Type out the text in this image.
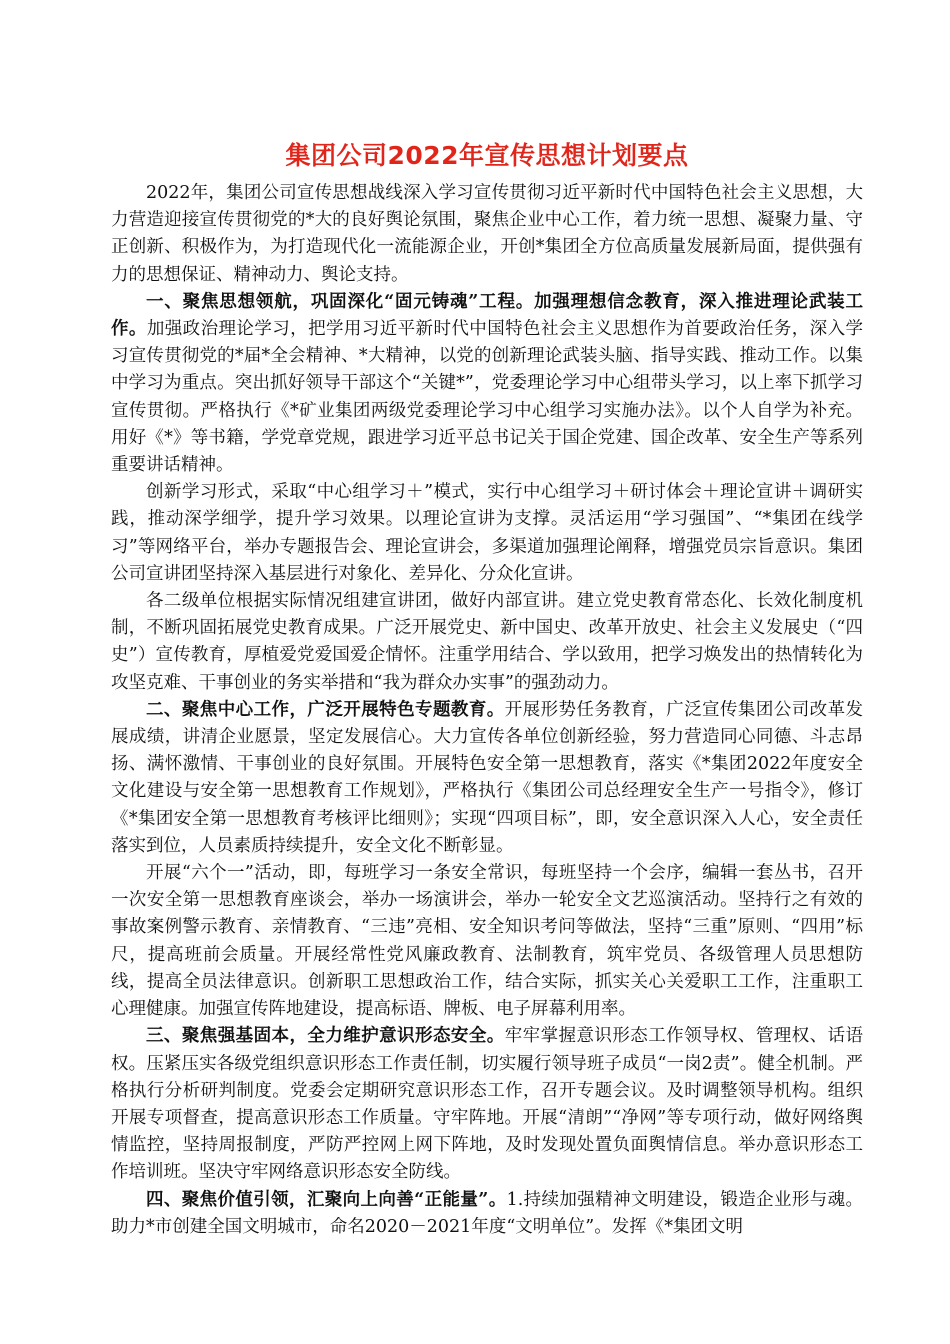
集团公司2022年宣传思想计划要点

2022年，集团公司宣传思想战线深入学习宣传贯彻习近平新时代中国特色社会主义思想，大力营造迎接宣传贯彻党的*大的良好舆论氛围，聚焦企业中心工作，着力统一思想、凝聚力量、守正创新、积极作为，为打造现代化一流能源企业，开创*集团全方位高质量发展新局面，提供强有力的思想保证、精神动力、舆论支持。

一、聚焦思想领航，巩固深化“固元铸魂”工程。加强理想信念教育，深入推进理论武装工作。加强政治理论学习，把学用习近平新时代中国特色社会主义思想作为首要政治任务，深入学习宣传贯彻党的*届*全会精神、*大精神，以党的创新理论武装头脑、指导实践、推动工作。以集中学习为重点。突出抓好领导干部这个“关键*”，党委理论学习中心组带头学习，以上率下抓学习宣传贯彻。严格执行《*矿业集团两级党委理论学习中心组学习实施办法》。以个人自学为补充。用好《*》等书籍，学党章党规，跟进学习近平总书记关于国企党建、国企改革、安全生产等系列重要讲话精神。

创新学习形式，采取“中心组学习＋”模式，实行中心组学习＋研讨体会＋理论宣讲＋调研实践，推动深学细学，提升学习效果。以理论宣讲为支撑。灵活运用“学习强国”、“*集团在线学习”等网络平台，举办专题报告会、理论宣讲会，多渠道加强理论阐释，增强党员宗旨意识。集团公司宣讲团坚持深入基层进行对象化、差异化、分众化宣讲。

各二级单位根据实际情况组建宣讲团，做好内部宣讲。建立党史教育常态化、长效化制度机制，不断巩固拓展党史教育成果。广泛开展党史、新中国史、改革开放史、社会主义发展史（“四史”）宣传教育，厚植爱党爱国爱企情怀。注重学用结合、学以致用，把学习焕发出的热情转化为攻坚克难、干事创业的务实举措和“我为群众办实事”的强劲动力。

二、聚焦中心工作，广泛开展特色专题教育。开展形势任务教育，广泛宣传集团公司改革发展成绩，讲清企业愿景，坚定发展信心。大力宣传各单位创新经验，努力营造同心同德、斗志昂扬、满怀激情、干事创业的良好氛围。开展特色安全第一思想教育，落实《*集团2022年度安全文化建设与安全第一思想教育工作规划》，严格执行《集团公司总经理安全生产一号指令》，修订《*集团安全第一思想教育考核评比细则》；实现“四项目标”，即，安全意识深入人心，安全责任落实到位，人员素质持续提升，安全文化不断彰显。

开展“六个一”活动，即，每班学习一条安全常识，每班坚持一个会序，编辑一套丛书，召开一次安全第一思想教育座谈会，举办一场演讲会，举办一轮安全文艺巡演活动。坚持行之有效的事故案例警示教育、亲情教育、“三违”亮相、安全知识考问等做法，坚持“三重”原则、“四用”标尺，提高班前会质量。开展经常性党风廉政教育、法制教育，筑牢党员、各级管理人员思想防线，提高全员法律意识。创新职工思想政治工作，结合实际，抓实关心关爱职工工作，注重职工心理健康。加强宣传阵地建设，提高标语、牌板、电子屏幕利用率。

三、聚焦强基固本，全力维护意识形态安全。牢牢掌握意识形态工作领导权、管理权、话语权。压紧压实各级党组织意识形态工作责任制，切实履行领导班子成员“一岗2责”。健全机制。严格执行分析研判制度。党委会定期研究意识形态工作，召开专题会议。及时调整领导机构。组织开展专项督查，提高意识形态工作质量。守牢阵地。开展“清朗”“净网”等专项行动，做好网络舆情监控，坚持周报制度，严防严控网上网下阵地，及时发现处置负面舆情信息。举办意识形态工作培训班。坚决守牢网络意识形态安全防线。

四、聚焦价值引领，汇聚向上向善“正能量”。1.持续加强精神文明建设，锻造企业形与魂。助力*市创建全国文明城市，命名2020－2021年度“文明单位”。发挥《*集团文明
